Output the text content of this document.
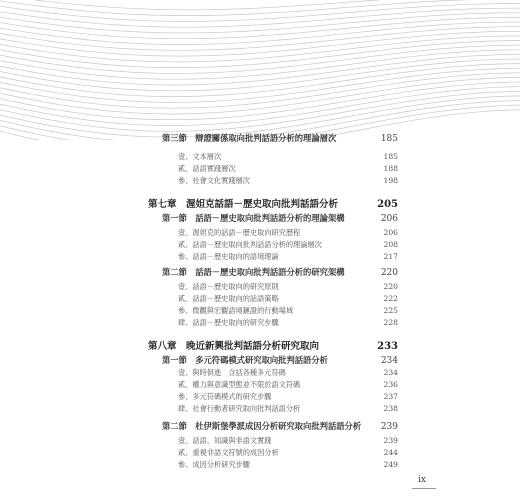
第三節　辯證關係取向批判話語分析的理論層次	185
壹、文本層次	185
貳、話語實踐層次	188
參、社會文化實踐層次	198
第七章　渥妲克話語－歷史取向批判話語分析	205
第一節　話語－歷史取向批判話語分析的理論架構	206
壹、渥妲克的話語－歷史取向研究歷程	206
貳、話語－歷史取向批判話語分析的理論層次	208
參、話語－歷史取向的語境理論	217
第二節　話語－歷史取向批判話語分析的研究架構	220
壹、話語－歷史取向的研究原則	220
貳、話語－歷史取向的話語策略	222
參、微觀與宏觀語境鏈證的行動場域	225
肆、話語－歷史取向的研究步驟	228
第八章　晚近新興批判話語分析研究取向	233
第一節　多元符碼模式研究取向批判話語分析	234
壹、與時俱進　含括各種多元符碼	234
貳、權力與意識型態並不限於語文符碼	236
參、多元符碼模式的研究步驟	237
肆、社會行動者研究取向批判話語分析	238
第二節　杜伊斯堡學派成因分析研究取向批判話語分析	239
壹、話語、知識與非語文實踐	239
貳、重視非語文符號的成因分析	244
參、成因分析研究步驟	249
ix
